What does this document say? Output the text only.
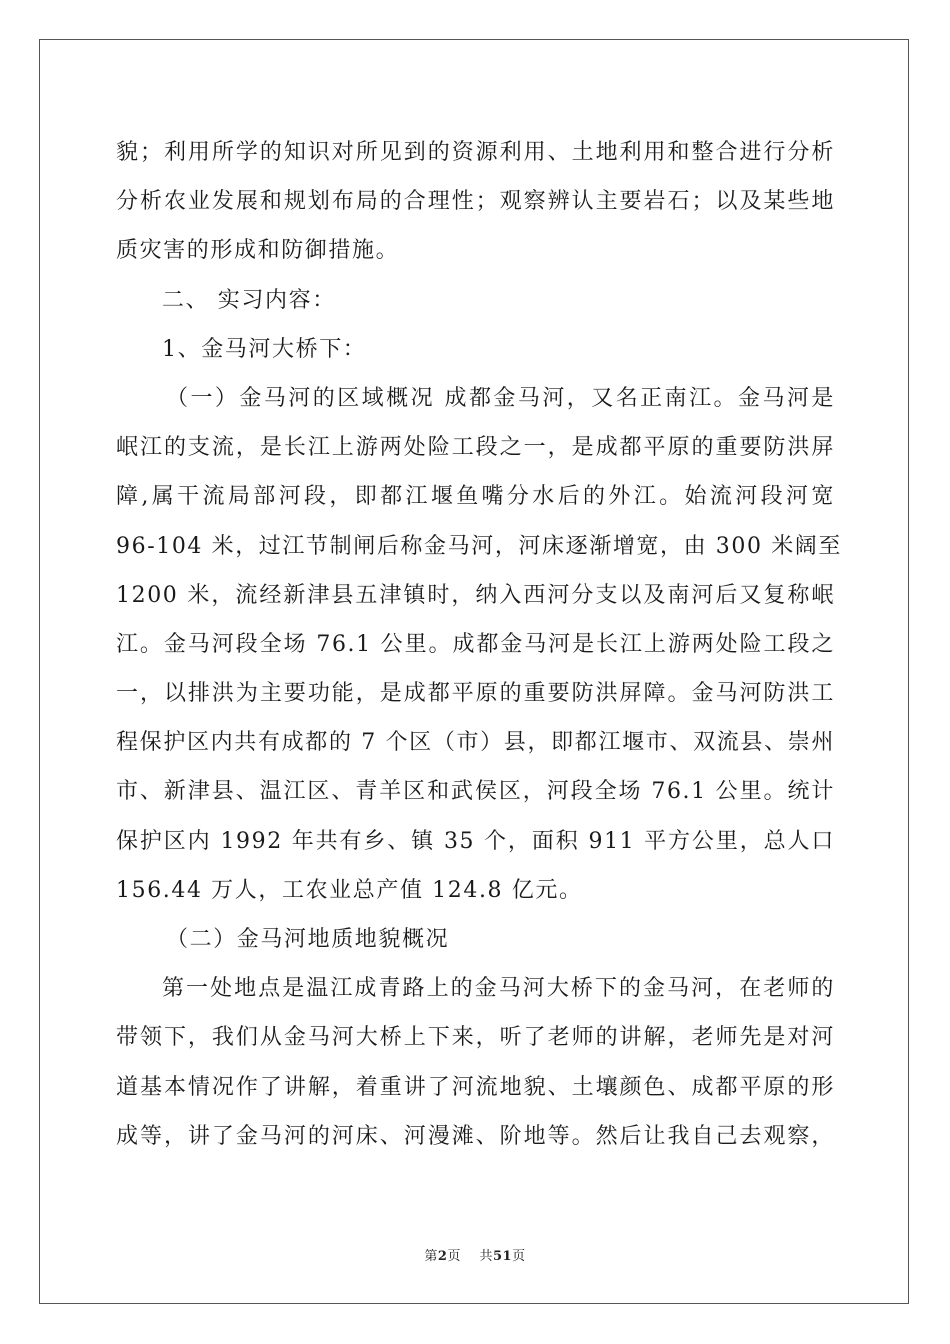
貌；利用所学的知识对所见到的资源利用、土地利用和整合进行分析
分析农业发展和规划布局的合理性；观察辨认主要岩石；以及某些地
质灾害的形成和防御措施。
二、 实习内容：
1、金马河大桥下：
（一）金马河的区域概况 成都金马河，又名正南江。金马河是
岷江的支流，是长江上游两处险工段之一，是成都平原的重要防洪屏
障,属干流局部河段，即都江堰鱼嘴分水后的外江。始流河段河宽
96-104 米，过江节制闸后称金马河，河床逐渐增宽，由 300 米阔至
1200 米，流经新津县五津镇时，纳入西河分支以及南河后又复称岷
江。金马河段全场 76.1 公里。成都金马河是长江上游两处险工段之
一，以排洪为主要功能，是成都平原的重要防洪屏障。金马河防洪工
程保护区内共有成都的 7 个区（市）县，即都江堰市、双流县、崇州
市、新津县、温江区、青羊区和武侯区，河段全场 76.1 公里。统计
保护区内 1992 年共有乡、镇 35 个，面积 911 平方公里，总人口
156.44 万人，工农业总产值 124.8 亿元。
（二）金马河地质地貌概况
第一处地点是温江成青路上的金马河大桥下的金马河，在老师的
带领下，我们从金马河大桥上下来，听了老师的讲解，老师先是对河
道基本情况作了讲解，着重讲了河流地貌、土壤颜色、成都平原的形
成等，讲了金马河的河床、河漫滩、阶地等。然后让我自己去观察，
第2页 共51页
